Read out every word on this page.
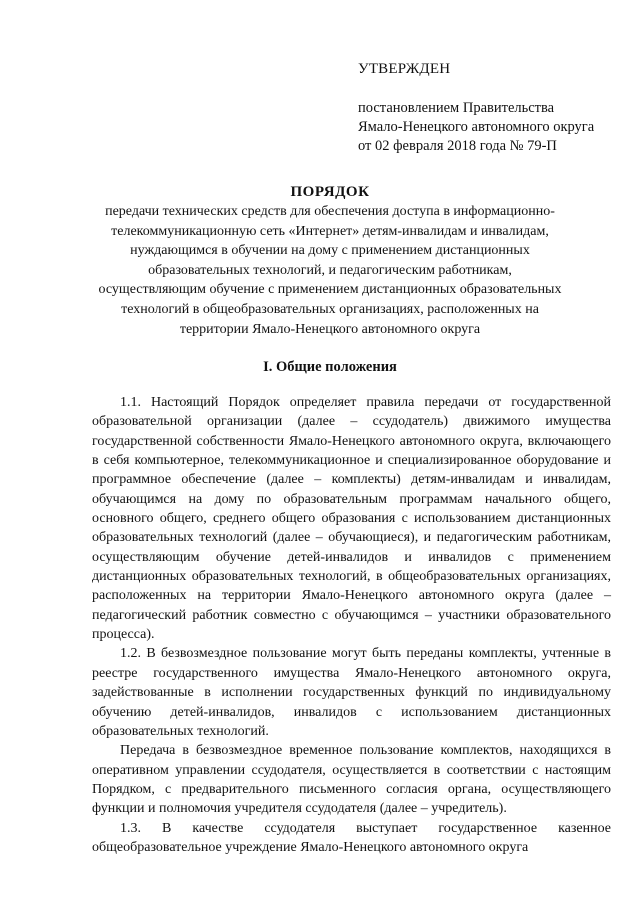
УТВЕРЖДЕН
постановлением Правительства
Ямало-Ненецкого автономного округа
от 02 февраля 2018 года № 79-П
ПОРЯДОК
передачи технических средств для обеспечения доступа в информационно-телекоммуникационную сеть «Интернет» детям-инвалидам и инвалидам, нуждающимся в обучении на дому с применением дистанционных образовательных технологий, и педагогическим работникам, осуществляющим обучение с применением дистанционных образовательных технологий в общеобразовательных организациях, расположенных на территории Ямало-Ненецкого автономного округа
I. Общие положения

1.1. Настоящий Порядок определяет правила передачи от государственной образовательной организации (далее – ссудодатель) движимого имущества государственной собственности Ямало-Ненецкого автономного округа, включающего в себя компьютерное, телекоммуникационное и специализированное оборудование и программное обеспечение (далее – комплекты) детям-инвалидам и инвалидам, обучающимся на дому по образовательным программам начального общего, основного общего, среднего общего образования с использованием дистанционных образовательных технологий (далее – обучающиеся), и педагогическим работникам, осуществляющим обучение детей-инвалидов и инвалидов с применением дистанционных образовательных технологий, в общеобразовательных организациях, расположенных на территории Ямало-Ненецкого автономного округа (далее – педагогический работник совместно с обучающимся – участники образовательного процесса).

1.2. В безвозмездное пользование могут быть переданы комплекты, учтенные в реестре государственного имущества Ямало-Ненецкого автономного округа, задействованные в исполнении государственных функций по индивидуальному обучению детей-инвалидов, инвалидов с использованием дистанционных образовательных технологий.

Передача в безвозмездное временное пользование комплектов, находящихся в оперативном управлении ссудодателя, осуществляется в соответствии с настоящим Порядком, с предварительного письменного согласия органа, осуществляющего функции и полномочия учредителя ссудодателя (далее – учредитель).

1.3. В качестве ссудодателя выступает государственное казенное общеобразовательное учреждение Ямало-Ненецкого автономного округа
